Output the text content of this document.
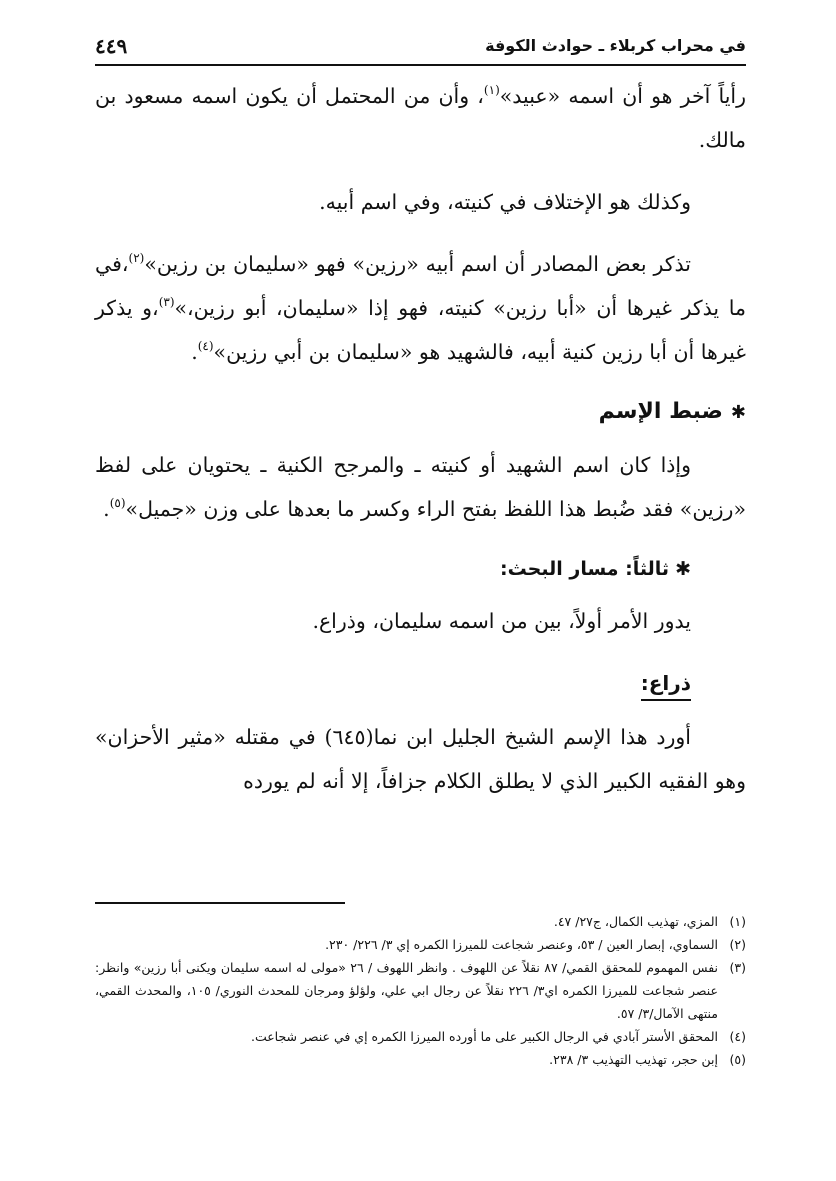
في محراب كربلاء ـ حوادث الكوفة
٤٤٩

رأياً آخر هو أن اسمه «عبيد»$^{(١)}$، وأن من المحتمل أن يكون اسمه مسعود بن مالك.

وكذلك هو الإختلاف في كنيته، وفي اسم أبيه.

تذكر بعض المصادر أن اسم أبيه «رزين» فهو «سليمان بن رزين»$^{(٢)}$،في ما يذكر غيرها أن «أبا رزين» كنيته، فهو إذا «سليمان، أبو رزين،»$^{(٣)}$،و يذكر غيرها أن أبا رزين كنية أبيه، فالشهيد هو «سليمان بن أبي رزين»$^{(٤)}$.

✱ضبط الإسم

وإذا كان اسم الشهيد أو كنيته ـ والمرجح الكنية ـ يحتويان على لفظ «رزين» فقد ضُبط هذا اللفظ بفتح الراء وكسر ما بعدها على وزن «جميل»$^{(٥)}$.

✱ثالثاً: مسار البحث:

يدور الأمر أولاً، بين من اسمه سليمان، وذراع.

ذراع:

أورد هذا الإسم الشيخ الجليل ابن نما(٦٤٥) في مقتله «مثير الأحزان» وهو الفقيه الكبير الذي لا يطلق الكلام جزافاً، إلا أنه لم يورده

(١)
المزي، تهذيب الكمال، ج٢٧/ ٤٧.
(٢)
السماوي، إبصار العين / ٥٣، وعنصر شجاعت للميرزا الكمره إي ٣/ ٢٢٦/ ٢٣٠.
(٣)
نفس المهموم للمحقق القمي/ ٨٧ نقلاً عن اللهوف . وانظر اللهوف / ٢٦ «مولى له اسمه سليمان ويكنى أبا رزين» وانظر: عنصر شجاعت للميرزا الكمره اي٣/ ٢٢٦ نقلاً عن رجال ابي علي، ولؤلؤ ومرجان للمحدث النوري/ ١٠٥، والمحدث القمي، منتهى الآمال/٣/ ٥٧.
(٤)
المحقق الأستر آبادي في الرجال الكبير على ما أورده الميرزا الكمره إي في عنصر شجاعت.
(٥)
إبن حجر، تهذيب التهذيب ٣/ ٢٣٨.
